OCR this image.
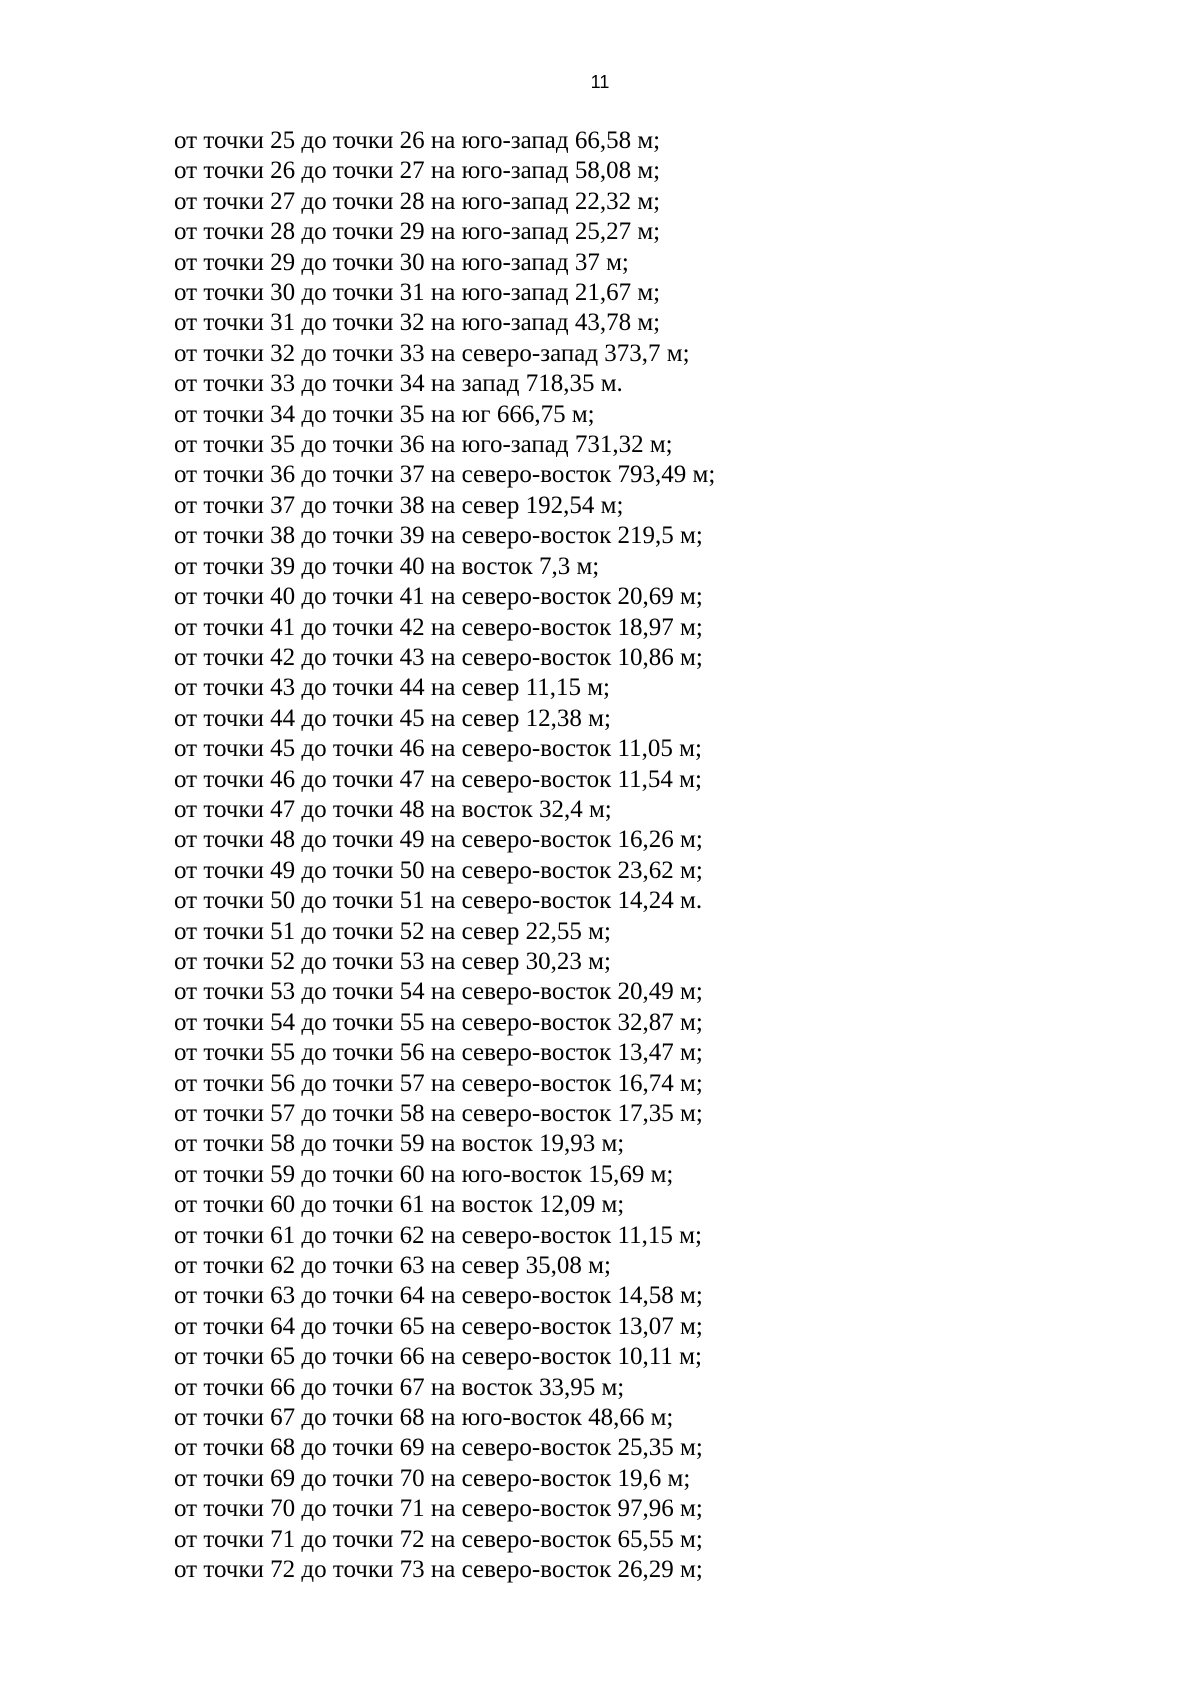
11
от точки 25 до точки 26 на юго-запад 66,58 м;
от точки 26 до точки 27 на юго-запад 58,08 м;
от точки 27 до точки 28 на юго-запад 22,32 м;
от точки 28 до точки 29 на юго-запад 25,27 м;
от точки 29 до точки 30 на юго-запад 37 м;
от точки 30 до точки 31 на юго-запад 21,67 м;
от точки 31 до точки 32 на юго-запад 43,78 м;
от точки 32 до точки 33 на северо-запад 373,7 м;
от точки 33 до точки 34 на запад 718,35 м.
от точки 34 до точки 35 на юг 666,75 м;
от точки 35 до точки 36 на юго-запад 731,32 м;
от точки 36 до точки 37 на северо-восток 793,49 м;
от точки 37 до точки 38 на север 192,54 м;
от точки 38 до точки 39 на северо-восток 219,5 м;
от точки 39 до точки 40 на восток 7,3 м;
от точки 40 до точки 41 на северо-восток 20,69 м;
от точки 41 до точки 42 на северо-восток 18,97 м;
от точки 42 до точки 43 на северо-восток 10,86 м;
от точки 43 до точки 44 на север 11,15 м;
от точки 44 до точки 45 на север 12,38 м;
от точки 45 до точки 46 на северо-восток 11,05 м;
от точки 46 до точки 47 на северо-восток 11,54 м;
от точки 47 до точки 48 на восток 32,4 м;
от точки 48 до точки 49 на северо-восток 16,26 м;
от точки 49 до точки 50 на северо-восток 23,62 м;
от точки 50 до точки 51 на северо-восток 14,24 м.
от точки 51 до точки 52 на север 22,55 м;
от точки 52 до точки 53 на север 30,23 м;
от точки 53 до точки 54 на северо-восток 20,49 м;
от точки 54 до точки 55 на северо-восток 32,87 м;
от точки 55 до точки 56 на северо-восток 13,47 м;
от точки 56 до точки 57 на северо-восток 16,74 м;
от точки 57 до точки 58 на северо-восток 17,35 м;
от точки 58 до точки 59 на восток 19,93 м;
от точки 59 до точки 60 на юго-восток 15,69 м;
от точки 60 до точки 61 на восток 12,09 м;
от точки 61 до точки 62 на северо-восток 11,15 м;
от точки 62 до точки 63 на север 35,08 м;
от точки 63 до точки 64 на северо-восток 14,58 м;
от точки 64 до точки 65 на северо-восток 13,07 м;
от точки 65 до точки 66 на северо-восток 10,11 м;
от точки 66 до точки 67 на восток 33,95 м;
от точки 67 до точки 68 на юго-восток 48,66 м;
от точки 68 до точки 69 на северо-восток 25,35 м;
от точки 69 до точки 70 на северо-восток 19,6 м;
от точки 70 до точки 71 на северо-восток 97,96 м;
от точки 71 до точки 72 на северо-восток 65,55 м;
от точки 72 до точки 73 на северо-восток 26,29 м;
